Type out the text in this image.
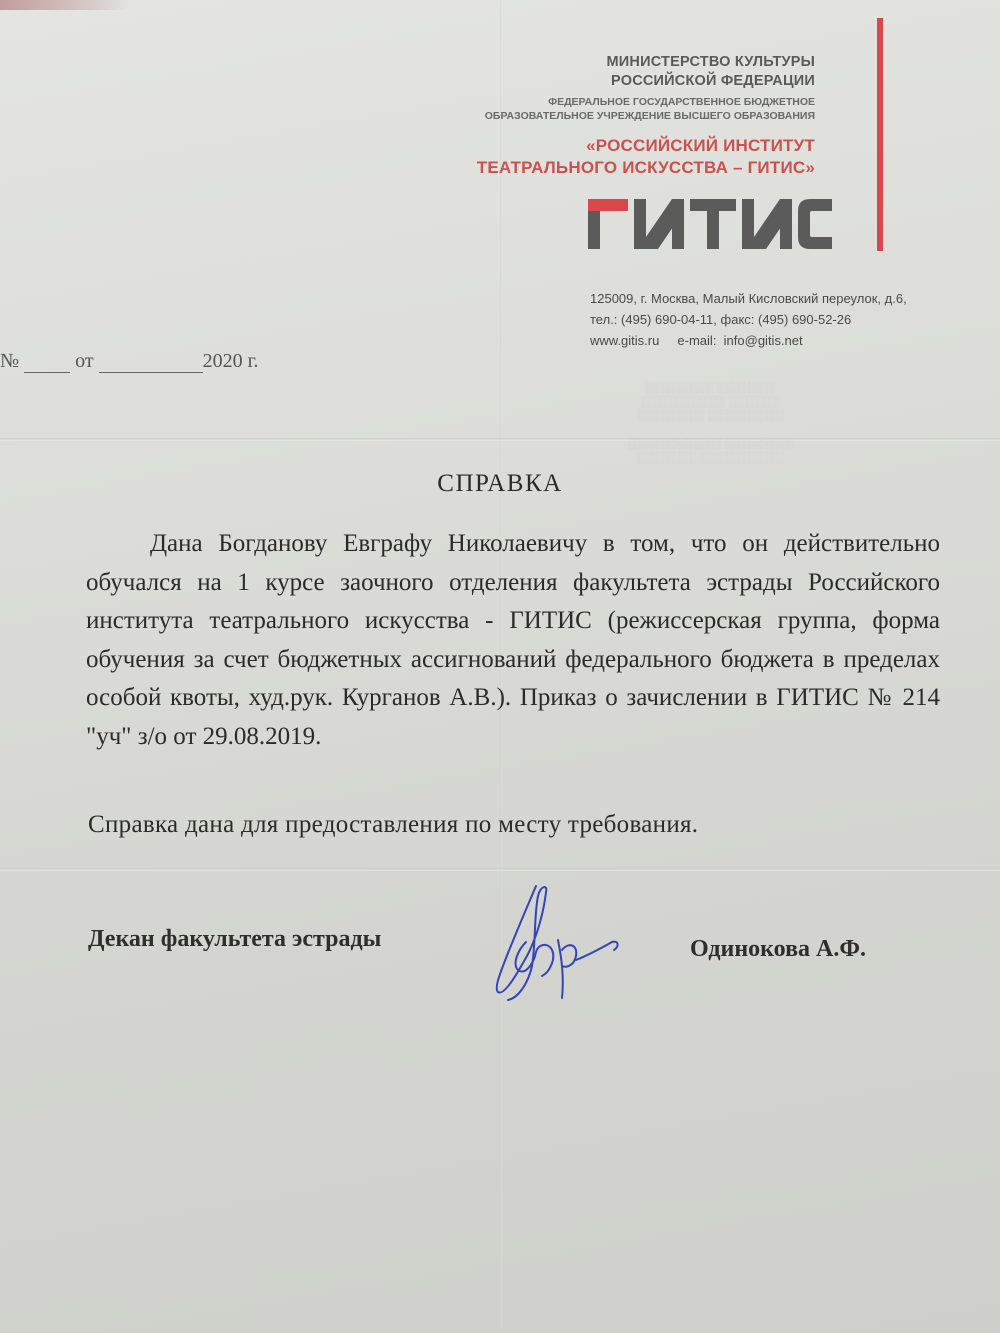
МИНИСТЕРСТВО КУЛЬТУРЫ
РОССИЙСКОЙ ФЕДЕРАЦИИ
ФЕДЕРАЛЬНОЕ ГОСУДАРСТВЕННОЕ БЮДЖЕТНОЕ
ОБРАЗОВАТЕЛЬНОЕ УЧРЕЖДЕНИЕ ВЫСШЕГО ОБРАЗОВАНИЯ
«РОССИЙСКИЙ ИНСТИТУТ
ТЕАТРАЛЬНОГО ИСКУССТВА – ГИТИС»
125009, г. Москва, Малый Кисловский переулок, д.6,
тел.: (495) 690-04-11, факс: (495) 690-52-26
www.gitis.ru e-mail: info@gitis.net
░░░░░░░░ ░░░░░░░
░░░░░░░░░░ ░░░░░░
░░░░░░░░ ░░░░░░░░░

░░░░░░░░░░░ ░░░░░░░░
░░░░░░░ ░░░░░░░░░░
№	от	2020 г.
СПРАВКА
Дана Богданову Евграфу Николаевичу в том, что он действительно обучался на 1 курсе заочного отделения факультета эстрады Российского института театрального искусства - ГИТИС (режиссерская группа, форма обучения за счет бюджетных ассигнований федерального бюджета в пределах особой квоты, худ.рук. Курганов А.В.). Приказ о зачислении в ГИТИС № 214 "уч" з/о от 29.08.2019.
Справка дана для предоставления по месту требования.
Декан факультета эстрады	Одинокова А.Ф.
